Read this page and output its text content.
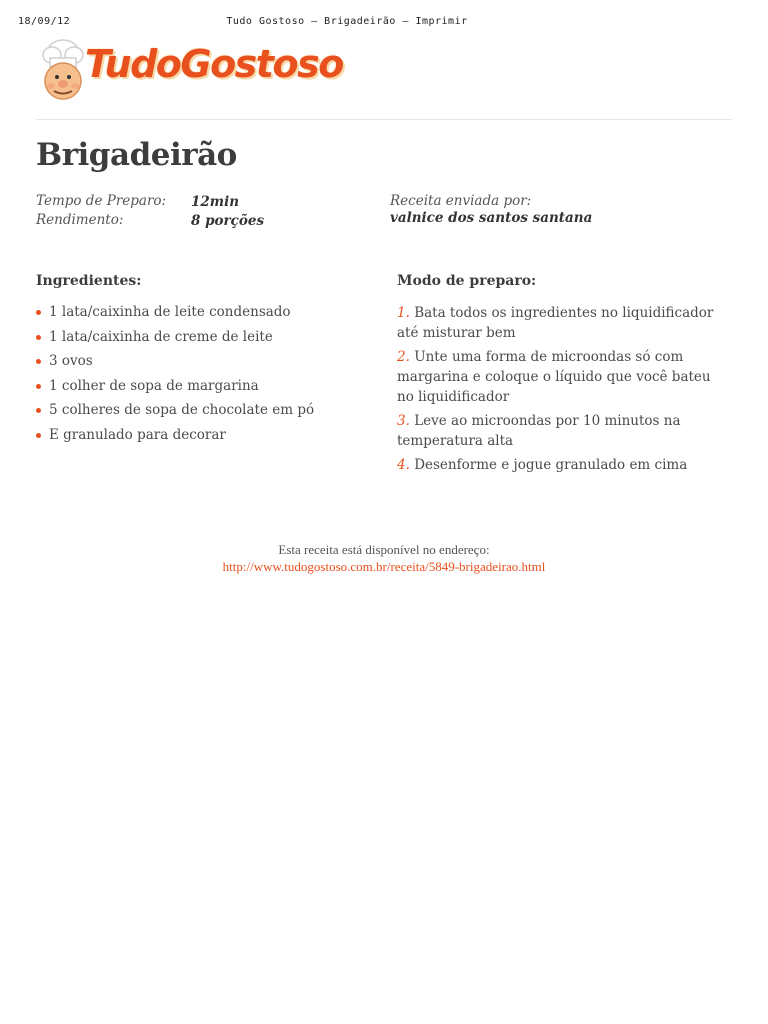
18/09/12	Tudo Gostoso – Brigadeirão – Imprimir
TudoGostoso
Brigadeirão
Tempo de Preparo: 12min
Rendimento:	8 porções
Receita enviada por:
valnice dos santos santana
Ingredientes:	Modo de preparo:
1 lata/caixinha de leite condensado
1 lata/caixinha de creme de leite
3 ovos
1 colher de sopa de margarina
5 colheres de sopa de chocolate em pó
E granulado para decorar
1. Bata todos os ingredientes no liquidificador até misturar bem
2. Unte uma forma de microondas só com margarina e coloque o líquido que você bateu no liquidificador
3. Leve ao microondas por 10 minutos na temperatura alta
4. Desenforme e jogue granulado em cima
Esta receita está disponível no endereço:
http://www.tudogostoso.com.br/receita/5849-brigadeirao.html
